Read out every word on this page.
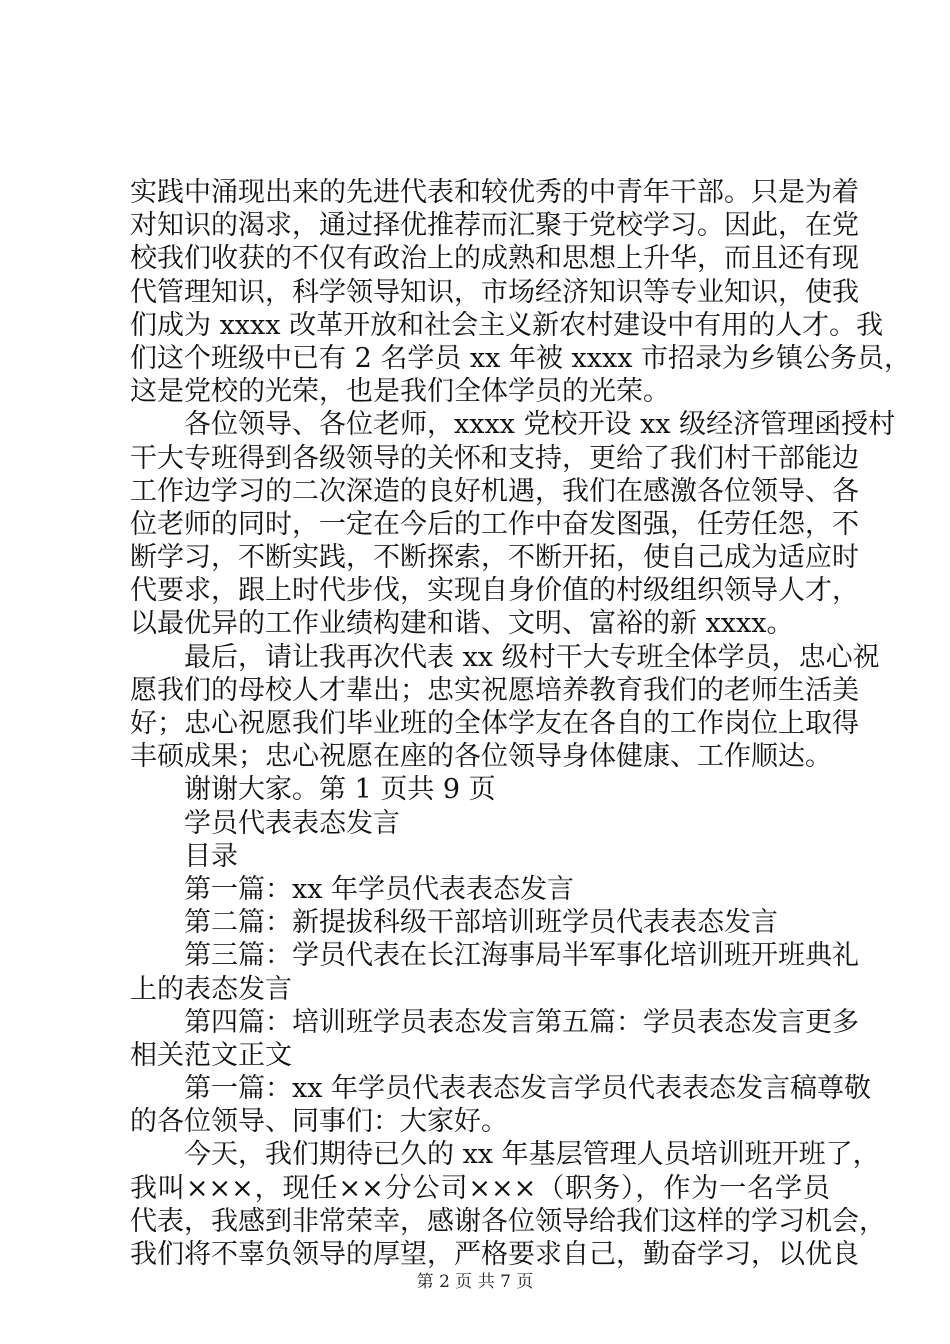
实践中涌现出来的先进代表和较优秀的中青年干部。只是为着
对知识的渴求，通过择优推荐而汇聚于党校学习。因此，在党
校我们收获的不仅有政治上的成熟和思想上升华，而且还有现
代管理知识，科学领导知识，市场经济知识等专业知识，使我
们成为 xxxx 改革开放和社会主义新农村建设中有用的人才。我
们这个班级中已有 2 名学员 xx 年被 xxxx 市招录为乡镇公务员，
这是党校的光荣，也是我们全体学员的光荣。
各位领导、各位老师，xxxx 党校开设 xx 级经济管理函授村
干大专班得到各级领导的关怀和支持，更给了我们村干部能边
工作边学习的二次深造的良好机遇，我们在感激各位领导、各
位老师的同时，一定在今后的工作中奋发图强，任劳任怨，不
断学习，不断实践，不断探索，不断开拓，使自己成为适应时
代要求，跟上时代步伐，实现自身价值的村级组织领导人才，
以最优异的工作业绩构建和谐、文明、富裕的新 xxxx。
最后，请让我再次代表 xx 级村干大专班全体学员，忠心祝
愿我们的母校人才辈出；忠实祝愿培养教育我们的老师生活美
好；忠心祝愿我们毕业班的全体学友在各自的工作岗位上取得
丰硕成果；忠心祝愿在座的各位领导身体健康、工作顺达。
谢谢大家。第 1 页共 9 页
学员代表表态发言
目录
第一篇：xx 年学员代表表态发言
第二篇：新提拔科级干部培训班学员代表表态发言
第三篇：学员代表在长江海事局半军事化培训班开班典礼
上的表态发言
第四篇：培训班学员表态发言第五篇：学员表态发言更多
相关范文正文
第一篇：xx 年学员代表表态发言学员代表表态发言稿尊敬
的各位领导、同事们：大家好。
今天，我们期待已久的 xx 年基层管理人员培训班开班了，
我叫×××，现任××分公司×××（职务），作为一名学员
代表，我感到非常荣幸，感谢各位领导给我们这样的学习机会，
我们将不辜负领导的厚望，严格要求自己，勤奋学习，以优良
第 2 页 共 7 页
